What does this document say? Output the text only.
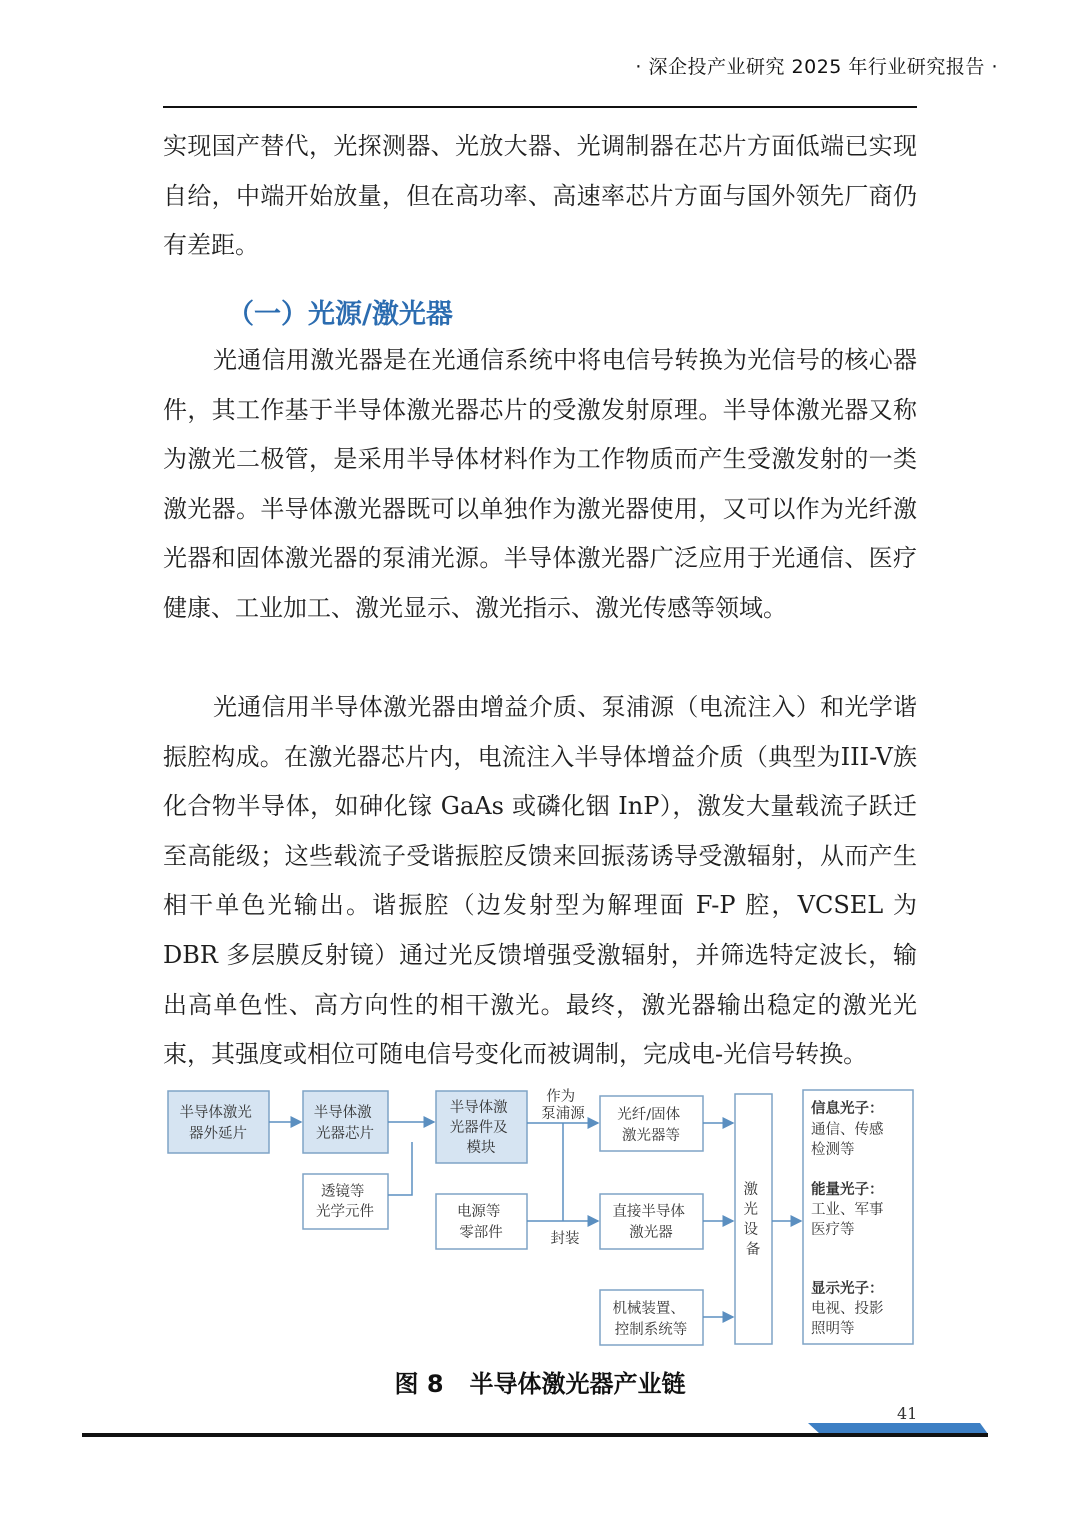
· 深企投产业研究 2025 年行业研究报告 ·

实现国产替代，光探测器、光放大器、光调制器在芯片方面低端已实现自给，中端开始放量，但在高功率、高速率芯片方面与国外领先厂商仍有差距。

（一）光源/激光器

光通信用激光器是在光通信系统中将电信号转换为光信号的核心器件，其工作基于半导体激光器芯片的受激发射原理。半导体激光器又称为激光二极管，是采用半导体材料作为工作物质而产生受激发射的一类激光器。半导体激光器既可以单独作为激光器使用，又可以作为光纤激光器和固体激光器的泵浦光源。半导体激光器广泛应用于光通信、医疗健康、工业加工、激光显示、激光指示、激光传感等领域。

光通信用半导体激光器由增益介质、泵浦源（电流注入）和光学谐振腔构成。在激光器芯片内，电流注入半导体增益介质（典型为III-V族化合物半导体，如砷化镓 GaAs 或磷化铟 InP），激发大量载流子跃迁至高能级；这些载流子受谐振腔反馈来回振荡诱导受激辐射，从而产生相干单色光输出。谐振腔（边发射型为解理面 F-P 腔，VCSEL 为 DBR 多层膜反射镜）通过光反馈增强受激辐射，并筛选特定波长，输出高单色性、高方向性的相干激光。最终，激光器输出稳定的激光光束，其强度或相位可随电信号变化而被调制，完成电-光信号转换。

半导体激光 器外延片
半导体激 光器芯片
半导体激 光器件及 模块
透镜等 光学元件	电源等 零部件
光纤/固体 激光器等
直接半导体 激光器
机械装置、 控制系统等
激 光 设 备
作为 泵浦源
封装
信息光子： 通信、传感 检测等
能量光子： 工业、军事 医疗等
显示光子： 电视、投影 照明等
图 8 半导体激光器产业链
41
